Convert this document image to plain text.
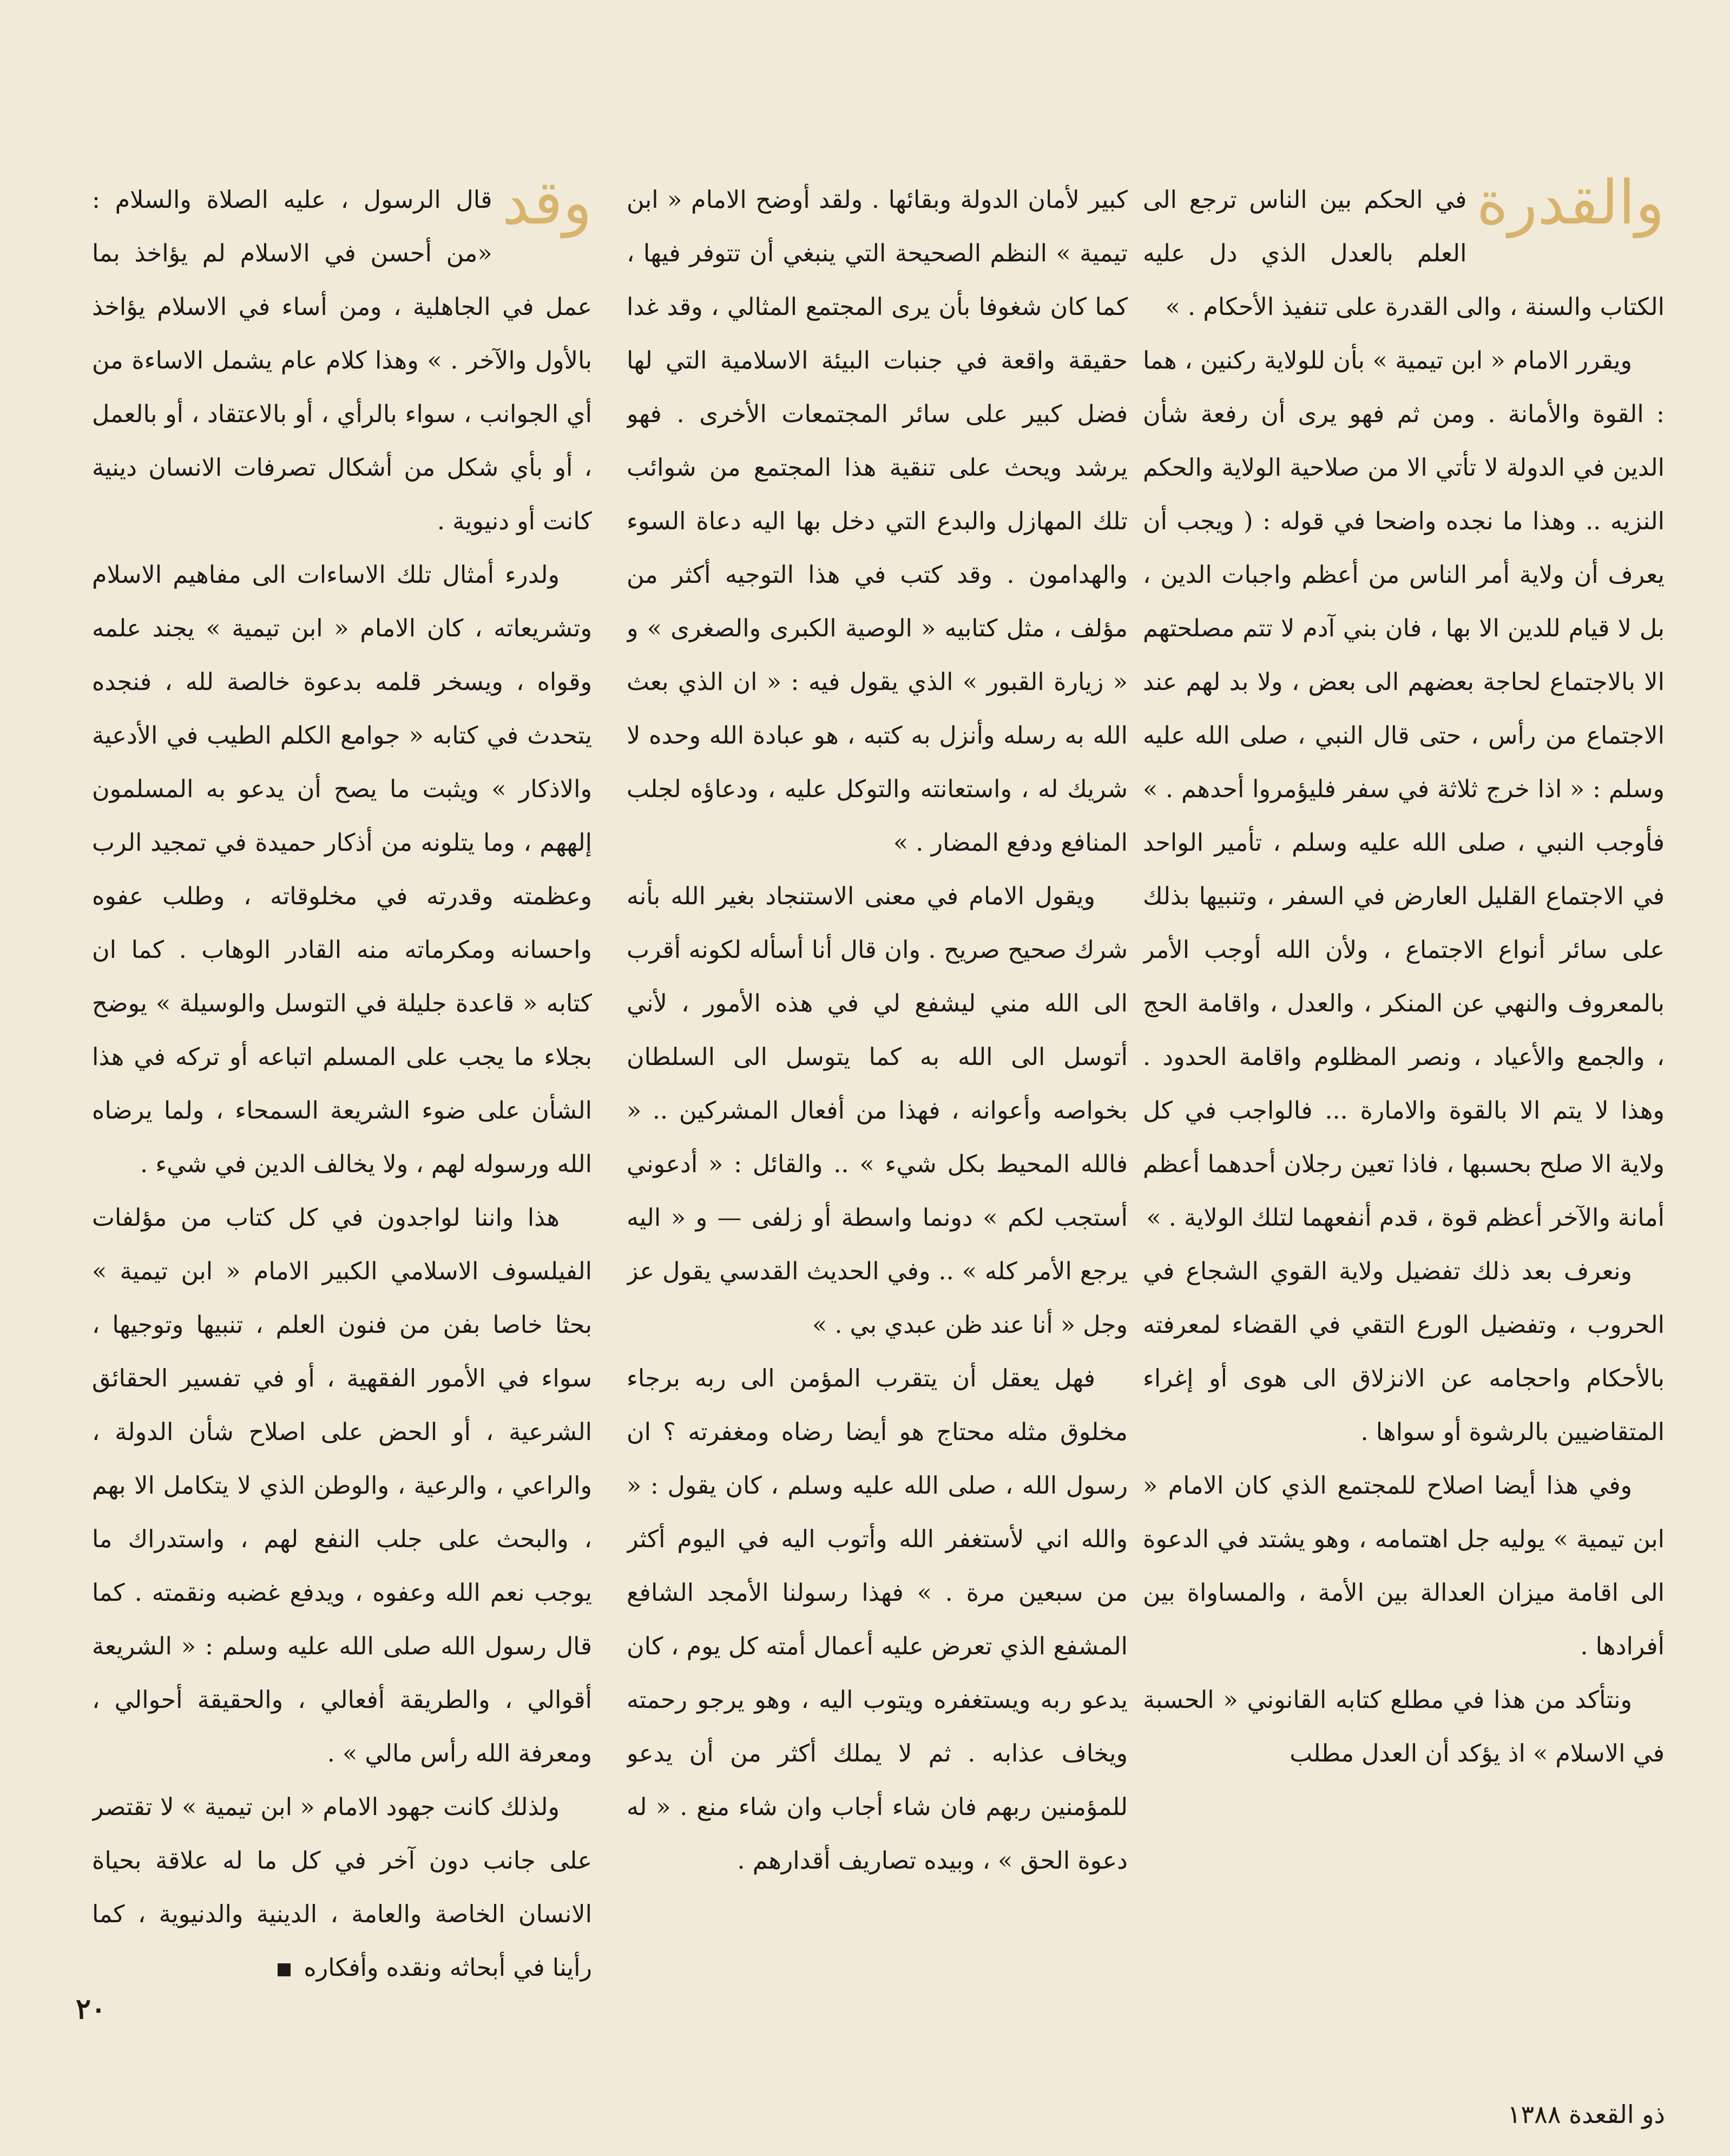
والقدرة

في الحكم بين الناس ترجع الى العلم بالعدل الذي دل عليه الكتاب والسنة ، والى القدرة على تنفيذ الأحكام . »

ويقرر الامام « ابن تيمية » بأن للولاية ركنين ، هما : القوة والأمانة . ومن ثم فهو يرى أن رفعة شأن الدين في الدولة لا تأتي الا من صلاحية الولاية والحكم النزيه .. وهذا ما نجده واضحا في قوله : ( ويجب أن يعرف أن ولاية أمر الناس من أعظم واجبات الدين ، بل لا قيام للدين الا بها ، فان بني آدم لا تتم مصلحتهم الا بالاجتماع لحاجة بعضهم الى بعض ، ولا بد لهم عند الاجتماع من رأس ، حتى قال النبي ، صلى الله عليه وسلم : « اذا خرج ثلاثة في سفر فليؤمروا أحدهم . » فأوجب النبي ، صلى الله عليه وسلم ، تأمير الواحد في الاجتماع القليل العارض في السفر ، وتنبيها بذلك على سائر أنواع الاجتماع ، ولأن الله أوجب الأمر بالمعروف والنهي عن المنكر ، والعدل ، واقامة الحج ، والجمع والأعياد ، ونصر المظلوم واقامة الحدود . وهذا لا يتم الا بالقوة والامارة ... فالواجب في كل ولاية الا صلح بحسبها ، فاذا تعين رجلان أحدهما أعظم أمانة والآخر أعظم قوة ، قدم أنفعهما لتلك الولاية . »

ونعرف بعد ذلك تفضيل ولاية القوي الشجاع في الحروب ، وتفضيل الورع التقي في القضاء لمعرفته بالأحكام واحجامه عن الانزلاق الى هوى أو إغراء المتقاضيين بالرشوة أو سواها .

وفي هذا أيضا اصلاح للمجتمع الذي كان الامام « ابن تيمية » يوليه جل اهتمامه ، وهو يشتد في الدعوة الى اقامة ميزان العدالة بين الأمة ، والمساواة بين أفرادها .

ونتأكد من هذا في مطلع كتابه القانوني « الحسبة في الاسلام » اذ يؤكد أن العدل مطلب

كبير لأمان الدولة وبقائها . ولقد أوضح الامام « ابن تيمية » النظم الصحيحة التي ينبغي أن تتوفر فيها ، كما كان شغوفا بأن يرى المجتمع المثالي ، وقد غدا حقيقة واقعة في جنبات البيئة الاسلامية التي لها فضل كبير على سائر المجتمعات الأخرى . فهو يرشد ويحث على تنقية هذا المجتمع من شوائب تلك المهازل والبدع التي دخل بها اليه دعاة السوء والهدامون . وقد كتب في هذا التوجيه أكثر من مؤلف ، مثل كتابيه « الوصية الكبرى والصغرى » و « زيارة القبور » الذي يقول فيه : « ان الذي بعث الله به رسله وأنزل به كتبه ، هو عبادة الله وحده لا شريك له ، واستعانته والتوكل عليه ، ودعاؤه لجلب المنافع ودفع المضار . »

ويقول الامام في معنى الاستنجاد بغير الله بأنه شرك صحيح صريح . وان قال أنا أسأله لكونه أقرب الى الله مني ليشفع لي في هذه الأمور ، لأني أتوسل الى الله به كما يتوسل الى السلطان بخواصه وأعوانه ، فهذا من أفعال المشركين .. « فالله المحيط بكل شيء » .. والقائل : « أدعوني أستجب لكم » دونما واسطة أو زلفى — و « اليه يرجع الأمر كله » .. وفي الحديث القدسي يقول عز وجل « أنا عند ظن عبدي بي . »

فهل يعقل أن يتقرب المؤمن الى ربه برجاء مخلوق مثله محتاج هو أيضا رضاه ومغفرته ؟ ان رسول الله ، صلى الله عليه وسلم ، كان يقول : « والله اني لأستغفر الله وأتوب اليه في اليوم أكثر من سبعين مرة . » فهذا رسولنا الأمجد الشافع المشفع الذي تعرض عليه أعمال أمته كل يوم ، كان يدعو ربه ويستغفره ويتوب اليه ، وهو يرجو رحمته ويخاف عذابه . ثم لا يملك أكثر من أن يدعو للمؤمنين ربهم فان شاء أجاب وان شاء منع . « له دعوة الحق » ، وبيده تصاريف أقدارهم .

وقد

قال الرسول ، عليه الصلاة والسلام : «من أحسن في الاسلام لم يؤاخذ بما عمل في الجاهلية ، ومن أساء في الاسلام يؤاخذ بالأول والآخر . » وهذا كلام عام يشمل الاساءة من أي الجوانب ، سواء بالرأي ، أو بالاعتقاد ، أو بالعمل ، أو بأي شكل من أشكال تصرفات الانسان دينية كانت أو دنيوية .

ولدرء أمثال تلك الاساءات الى مفاهيم الاسلام وتشريعاته ، كان الامام « ابن تيمية » يجند علمه وقواه ، ويسخر قلمه بدعوة خالصة لله ، فنجده يتحدث في كتابه « جوامع الكلم الطيب في الأدعية والاذكار » ويثبت ما يصح أن يدعو به المسلمون إلههم ، وما يتلونه من أذكار حميدة في تمجيد الرب وعظمته وقدرته في مخلوقاته ، وطلب عفوه واحسانه ومكرماته منه القادر الوهاب . كما ان كتابه « قاعدة جليلة في التوسل والوسيلة » يوضح بجلاء ما يجب على المسلم اتباعه أو تركه في هذا الشأن على ضوء الشريعة السمحاء ، ولما يرضاه الله ورسوله لهم ، ولا يخالف الدين في شيء .

هذا واننا لواجدون في كل كتاب من مؤلفات الفيلسوف الاسلامي الكبير الامام « ابن تيمية » بحثا خاصا بفن من فنون العلم ، تنبيها وتوجيها ، سواء في الأمور الفقهية ، أو في تفسير الحقائق الشرعية ، أو الحض على اصلاح شأن الدولة ، والراعي ، والرعية ، والوطن الذي لا يتكامل الا بهم ، والبحث على جلب النفع لهم ، واستدراك ما يوجب نعم الله وعفوه ، ويدفع غضبه ونقمته . كما قال رسول الله صلى الله عليه وسلم : « الشريعة أقوالي ، والطريقة أفعالي ، والحقيقة أحوالي ، ومعرفة الله رأس مالي » .

ولذلك كانت جهود الامام « ابن تيمية » لا تقتصر على جانب دون آخر في كل ما له علاقة بحياة الانسان الخاصة والعامة ، الدينية والدنيوية ، كما رأينا في أبحاثه ونقده وأفكاره

٢٠
ذو القعدة ١٣٨٨
